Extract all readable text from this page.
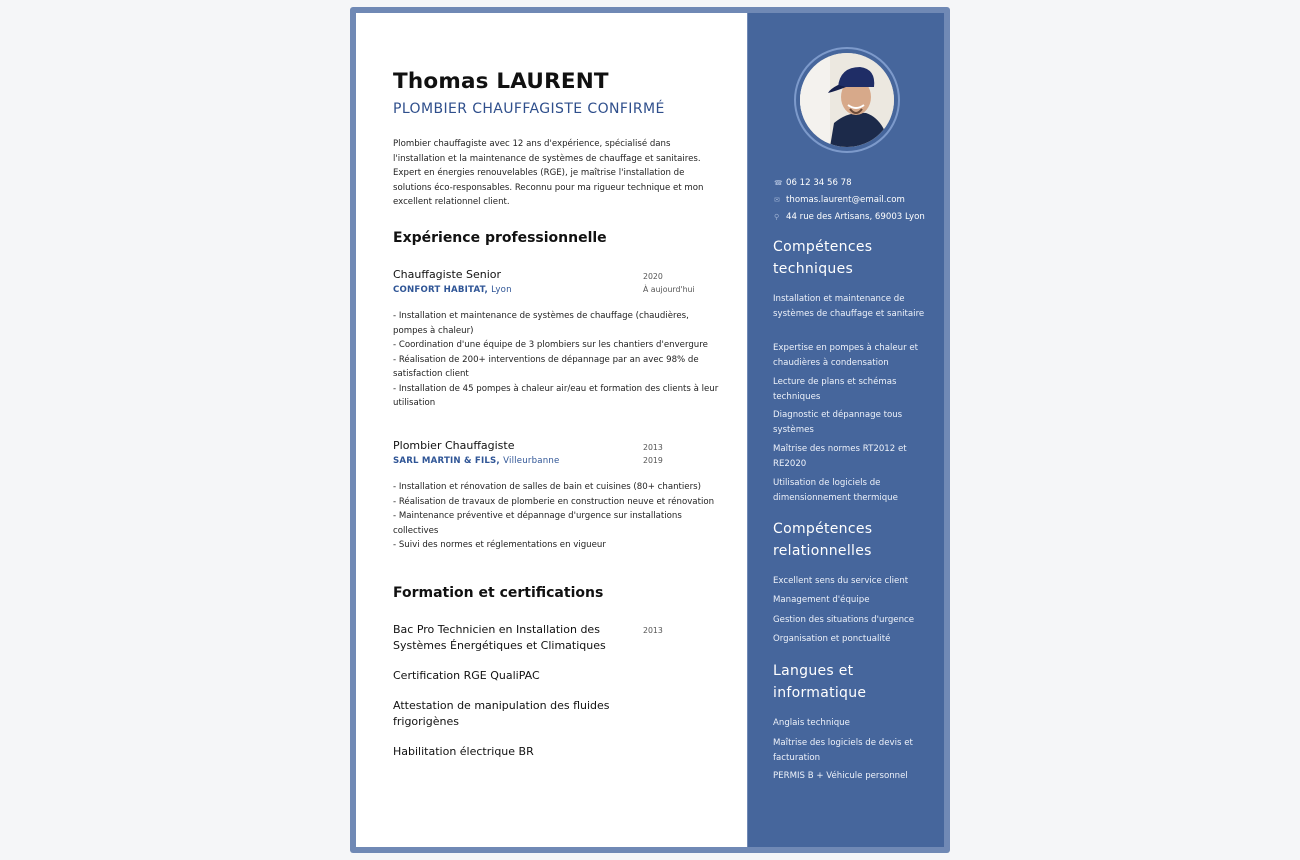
Thomas LAURENT
PLOMBIER CHAUFFAGISTE CONFIRMÉ
Plombier chauffagiste avec 12 ans d'expérience, spécialisé dans l'installation et la maintenance de systèmes de chauffage et sanitaires. Expert en énergies renouvelables (RGE), je maîtrise l'installation de solutions éco-responsables. Reconnu pour ma rigueur technique et mon excellent relationnel client.
Expérience professionnelle
Chauffagiste Senior
CONFORT HABITAT, Lyon
2020
À aujourd'hui
- Installation et maintenance de systèmes de chauffage (chaudières, pompes à chaleur)
- Coordination d'une équipe de 3 plombiers sur les chantiers d'envergure
- Réalisation de 200+ interventions de dépannage par an avec 98% de satisfaction client
- Installation de 45 pompes à chaleur air/eau et formation des clients à leur utilisation
Plombier Chauffagiste
SARL MARTIN & FILS, Villeurbanne
2013
2019
- Installation et rénovation de salles de bain et cuisines (80+ chantiers)
- Réalisation de travaux de plomberie en construction neuve et rénovation
- Maintenance préventive et dépannage d'urgence sur installations collectives
- Suivi des normes et réglementations en vigueur
Formation et certifications
Bac Pro Technicien en Installation des Systèmes Énergétiques et Climatiques
2013
Certification RGE QualiPAC
Attestation de manipulation des fluides frigorigènes
Habilitation électrique BR
☎ 06 12 34 56 78
✉ thomas.laurent@email.com
⚲ 44 rue des Artisans, 69003 Lyon
Compétences techniques
Installation et maintenance de systèmes de chauffage et sanitaire
Expertise en pompes à chaleur et chaudières à condensation
Lecture de plans et schémas techniques
Diagnostic et dépannage tous systèmes
Maîtrise des normes RT2012 et RE2020
Utilisation de logiciels de dimensionnement thermique
Compétences relationnelles
Excellent sens du service client
Management d'équipe
Gestion des situations d'urgence
Organisation et ponctualité
Langues et informatique
Anglais technique
Maîtrise des logiciels de devis et facturation
PERMIS B + Véhicule personnel
